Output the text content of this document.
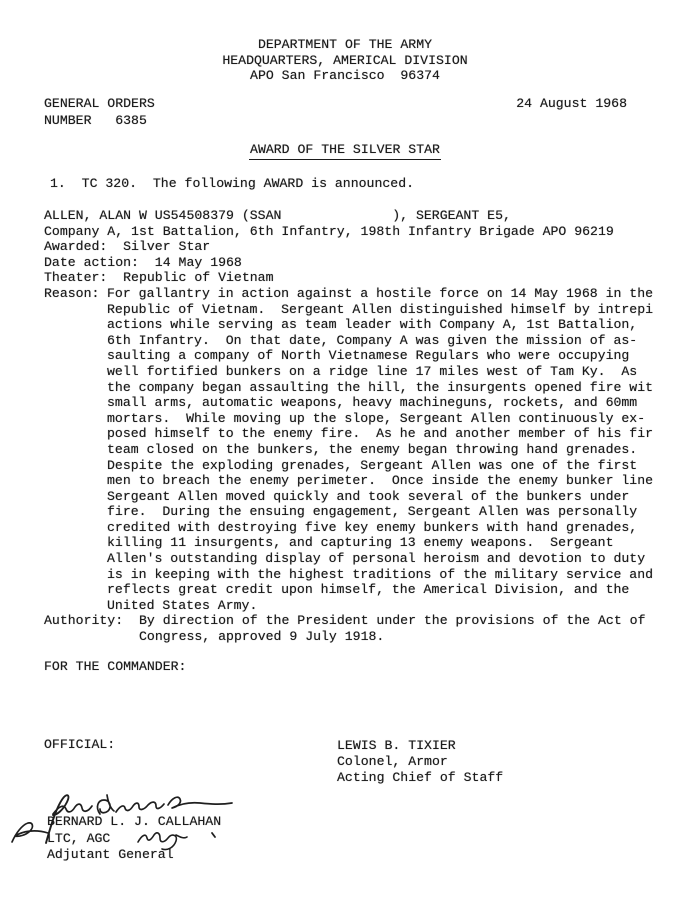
DEPARTMENT OF THE ARMY
HEADQUARTERS, AMERICAL DIVISION
APO San Francisco  96374
GENERAL ORDERS	24 August 1968
NUMBER   6385
AWARD OF THE SILVER STAR
1.  TC 320.  The following AWARD is announced.
ALLEN, ALAN W US54508379 (SSAN              ), SERGEANT E5,
Company A, 1st Battalion, 6th Infantry, 198th Infantry Brigade APO 96219
Awarded:  Silver Star
Date action:  14 May 1968
Theater:  Republic of Vietnam
Reason: For gallantry in action against a hostile force on 14 May 1968 in the
Republic of Vietnam.  Sergeant Allen distinguished himself by intrepi
actions while serving as team leader with Company A, 1st Battalion,
6th Infantry.  On that date, Company A was given the mission of as-
saulting a company of North Vietnamese Regulars who were occupying
well fortified bunkers on a ridge line 17 miles west of Tam Ky.  As
the company began assaulting the hill, the insurgents opened fire wit
small arms, automatic weapons, heavy machineguns, rockets, and 60mm
mortars.  While moving up the slope, Sergeant Allen continuously ex-
posed himself to the enemy fire.  As he and another member of his fir
team closed on the bunkers, the enemy began throwing hand grenades.
Despite the exploding grenades, Sergeant Allen was one of the first
men to breach the enemy perimeter.  Once inside the enemy bunker line
Sergeant Allen moved quickly and took several of the bunkers under
fire.  During the ensuing engagement, Sergeant Allen was personally
credited with destroying five key enemy bunkers with hand grenades,
killing 11 insurgents, and capturing 13 enemy weapons.  Sergeant
Allen's outstanding display of personal heroism and devotion to duty
is in keeping with the highest traditions of the military service and
reflects great credit upon himself, the Americal Division, and the
United States Army.
Authority:	By direction of the President under the provisions of the Act of
Congress, approved 9 July 1918.
FOR THE COMMANDER:
OFFICIAL:	LEWIS B. TIXIER
Colonel, Armor
Acting Chief of Staff
BERNARD L. J. CALLAHAN
LTC, AGC
Adjutant General
